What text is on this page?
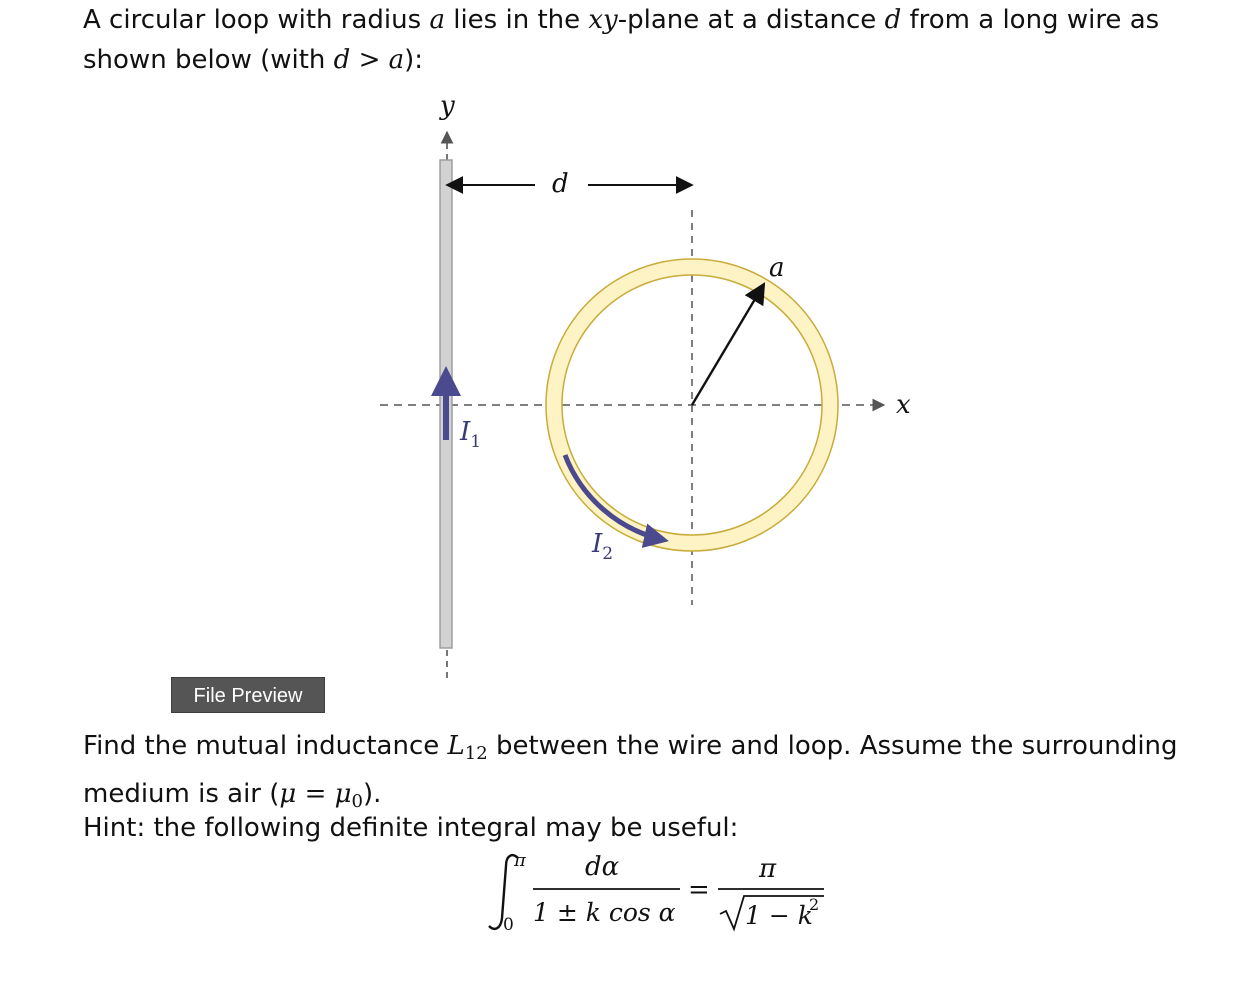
A circular loop with radius a lies in the xy-plane at a distance d from a long wire as
shown below (with d > a):
y
x
$I_1$
d
a
$I_2$
File Preview
Find the mutual inductance $L_{12}$ between the wire and loop. Assume the surrounding
medium is air $(\mu = \mu_0)$.
Hint: the following definite integral may be useful:
π
0
dα
1 ± k cos α
=
π
1 − k
2
